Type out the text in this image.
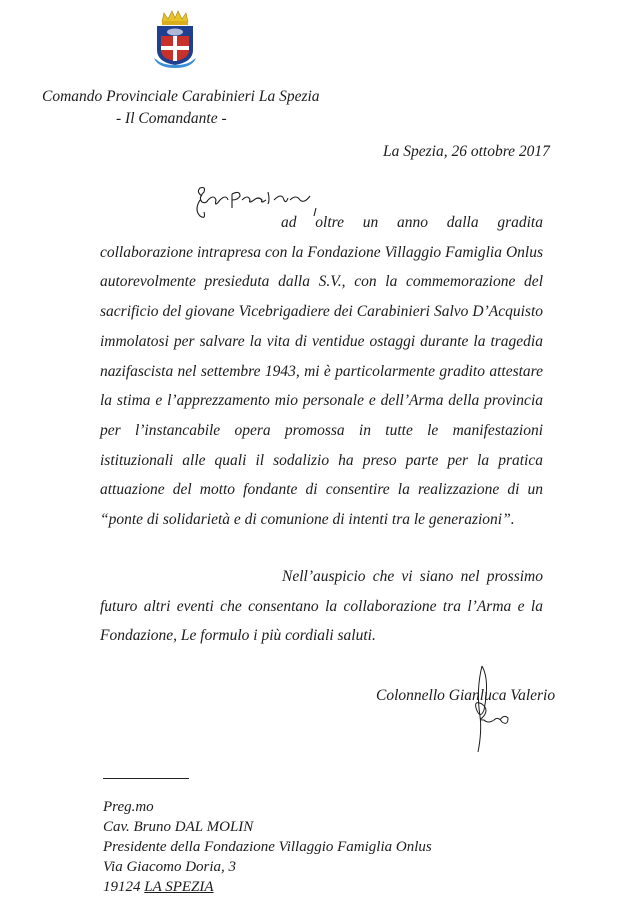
Comando Provinciale Carabinieri La Spezia
- Il Comandante -
La Spezia, 26 ottobre 2017
ad oltre un anno dalla gradita
collaborazione intrapresa con la Fondazione Villaggio Famiglia Onlus
autorevolmente presieduta dalla S.V., con la commemorazione del
sacrificio del giovane Vicebrigadiere dei Carabinieri Salvo D’Acquisto
immolatosi per salvare la vita di ventidue ostaggi durante la tragedia
nazifascista nel settembre 1943, mi è particolarmente gradito attestare
la stima e l’apprezzamento mio personale e dell’Arma della provincia
per l’instancabile opera promossa in tutte le manifestazioni
istituzionali alle quali il sodalizio ha preso parte per la pratica
attuazione del motto fondante di consentire la realizzazione di un
“ponte di solidarietà e di comunione di intenti tra le generazioni”.
Nell’auspicio che vi siano nel prossimo
futuro altri eventi che consentano la collaborazione tra l’Arma e la
Fondazione, Le formulo i più cordiali saluti.
Colonnello Gianluca Valerio
Preg.mo
Cav. Bruno DAL MOLIN
Presidente della Fondazione Villaggio Famiglia Onlus
Via Giacomo Doria, 3
19124 LA SPEZIA
